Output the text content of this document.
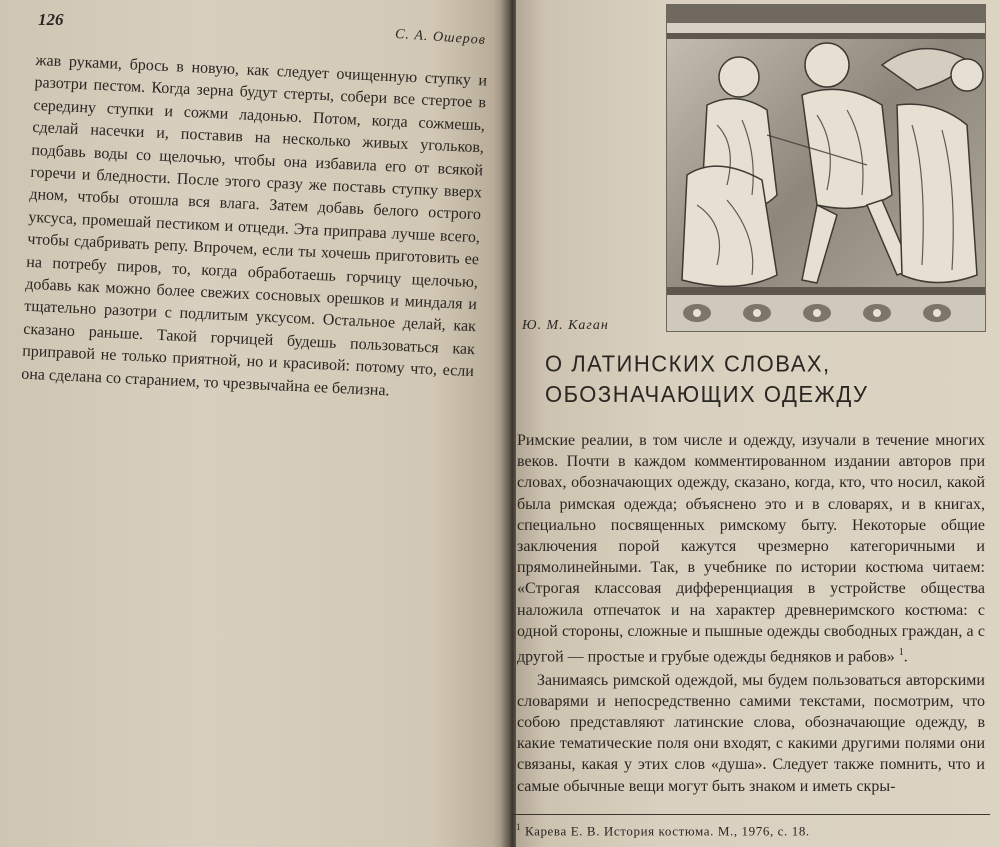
126
С. А. Ошеров

жав руками, брось в новую, как следует очищенную ступку и разотри пестом. Когда зерна будут стерты, собери все стертое в середину ступки и сожми ладонью. Потом, когда сожмешь, сделай насечки и, поставив на несколько живых угольков, подбавь воды со щелочью, чтобы она избавила его от всякой горечи и бледности. После этого сразу же поставь ступку вверх дном, чтобы отошла вся влага. Затем добавь белого острого уксуса, промешай пестиком и отцеди. Эта приправа лучше всего, чтобы сдабривать репу. Впрочем, если ты хочешь приготовить ее на потребу пиров, то, когда обработаешь горчицу щелочью, добавь как можно более свежих сосновых орешков и миндаля и тщательно разотри с подлитым уксусом. Остальное делай, как сказано раньше. Такой горчицей будешь пользоваться как приправой не только приятной, но и красивой: потому что, если она сделана со старанием, то чрезвычайна ее белизна.

Ю. М. Каган
О ЛАТИНСКИХ СЛОВАХ,
ОБОЗНАЧАЮЩИХ ОДЕЖДУ

Римские реалии, в том числе и одежду, изучали в течение многих веков. Почти в каждом комментированном издании авторов при словах, обозначающих одежду, сказано, когда, кто, что носил, какой была римская одежда; объяснено это и в словарях, и в книгах, специально посвященных римскому быту. Некоторые общие заключения порой кажутся чрезмерно категоричными и прямолинейными. Так, в учебнике по истории костюма читаем: «Строгая классовая дифференциация в устройстве общества наложила отпечаток и на характер древнеримского костюма: с одной стороны, сложные и пышные одежды свободных граждан, а с другой — простые и грубые одежды бедняков и рабов» $^1$.

Занимаясь римской одеждой, мы будем пользоваться авторскими словарями и непосредственно самими текстами, посмотрим, что собою представляют латинские слова, обозначающие одежду, в какие тематические поля они входят, с какими другими полями они связаны, какая у этих слов «душа». Следует также помнить, что и самые обычные вещи могут быть знаком и иметь скры-

$^1$ Карева Е. В. История костюма. М., 1976, с. 18.
